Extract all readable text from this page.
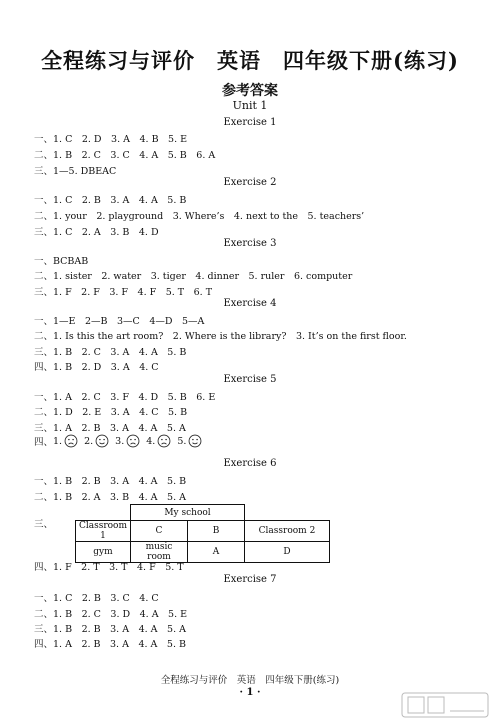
全程练习与评价　英语　四年级下册(练习)
参考答案
Unit 1
Exercise 1
一、1. C　2. D　3. A　4. B　5. E
二、1. B　2. C　3. C　4. A　5. B　6. A
三、1—5. DBEAC
Exercise 2
一、1. C　2. B　3. A　4. A　5. B
二、1. your　2. playground　3. Where’s　4. next to the　5. teachers’
三、1. C　2. A　3. B　4. D
Exercise 3
一、BCBAB
二、1. sister　2. water　3. tiger　4. dinner　5. ruler　6. computer
三、1. F　2. F　3. F　4. F　5. T　6. T
Exercise 4
一、1—E　2—B　3—C　4—D　5—A
二、1. Is this the art room?　2. Where is the library?　3. It’s on the first floor.
三、1. B　2. C　3. A　4. A　5. B
四、1. B　2. D　3. A　4. C
Exercise 5
一、1. A　2. C　3. F　4. D　5. B　6. E
二、1. D　2. E　3. A　4. C　5. B
三、1. A　2. B　3. A　4. A　5. A
四、 1. 2. 3. 4. 5.
Exercise 6
一、1. B　2. B　3. A　4. A　5. B
二、1. B　2. A　3. B　4. A　5. A
三、
	My school		
Classroom 1	C	B	Classroom 2
gym	music room	A	D
四、1. F　2. T　3. T　4. F　5. T
Exercise 7
一、1. C　2. B　3. C　4. C
二、1. B　2. C　3. D　4. A　5. E
三、1. B　2. B　3. A　4. A　5. A
四、1. A　2. B　3. A　4. A　5. B
全程练习与评价　英语　四年级下册(练习)
· 1 ·
